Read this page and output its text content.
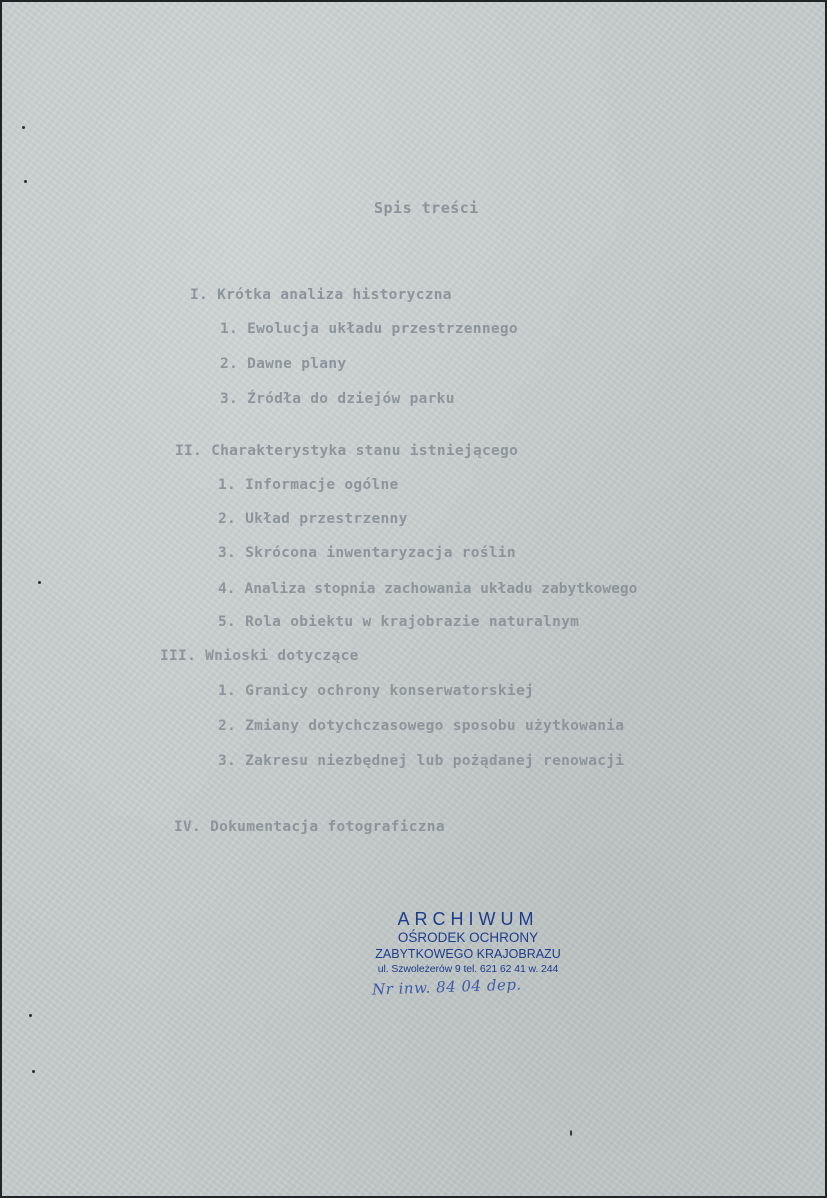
Spis treści
I. Krótka analiza historyczna
1. Ewolucja układu przestrzennego
2. Dawne plany
3. Źródła do dziejów parku
II. Charakterystyka stanu istniejącego
1. Informacje ogólne
2. Układ przestrzenny
3. Skrócona inwentaryzacja roślin
4. Analiza stopnia zachowania układu zabytkowego
5. Rola obiektu w krajobrazie naturalnym
III. Wnioski dotyczące
1. Granicy ochrony konserwatorskiej
2. Zmiany dotychczasowego sposobu użytkowania
3. Zakresu niezbędnej lub pożądanej renowacji
IV. Dokumentacja fotograficzna
ARCHIWUM
OŚRODEK OCHRONY
ZABYTKOWEGO KRAJOBRAZU
ul. Szwoleżerów 9 tel. 621 62 41 w. 244
Nr inw. 84 04 dep.
